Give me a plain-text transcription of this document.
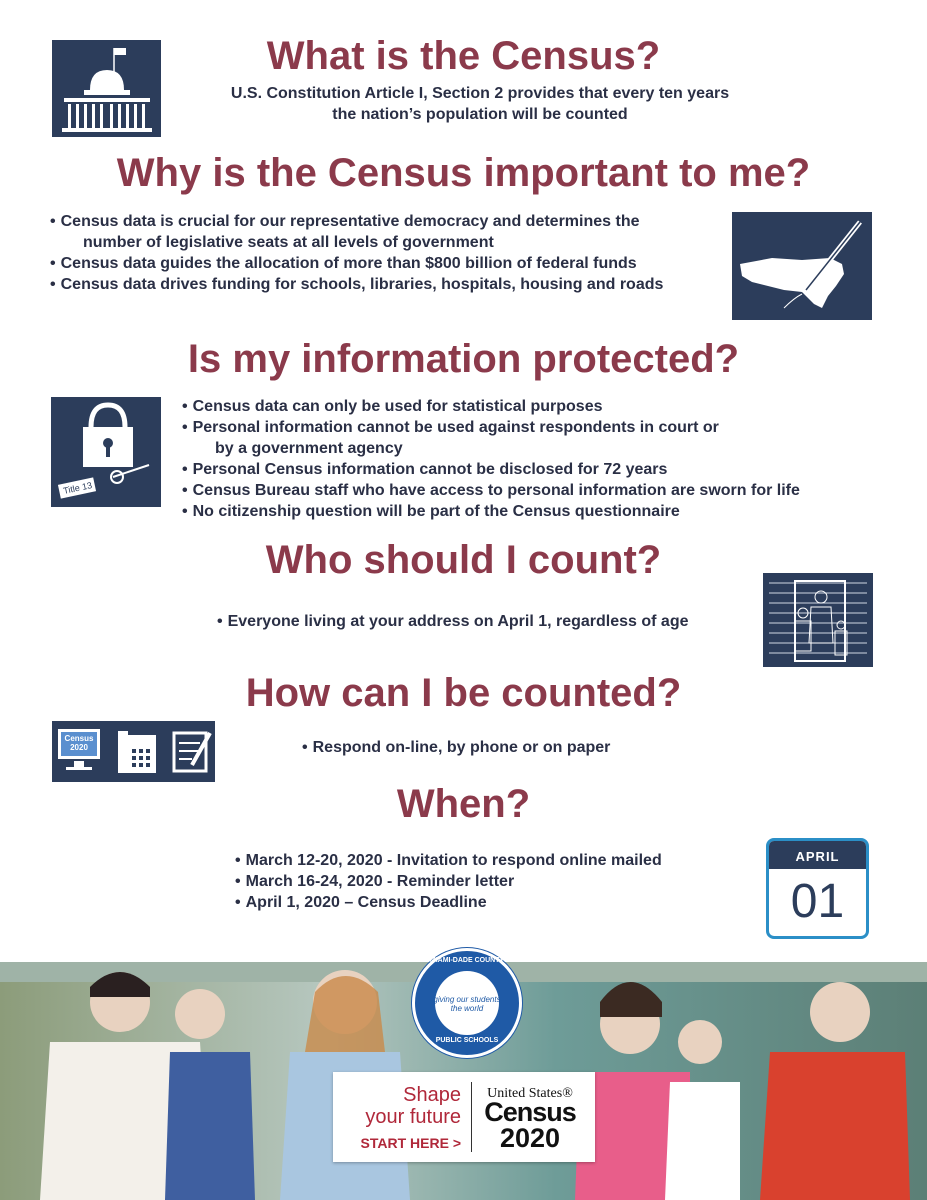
What is the Census?
U.S. Constitution Article I, Section 2 provides that every ten years
the nation’s population will be counted
Why is the Census important to me?
• Census data is crucial for our representative democracy and determines the
number of legislative seats at all levels of government
• Census data guides the allocation of more than $800 billion of federal funds
• Census data drives funding for schools, libraries, hospitals, housing and roads
Is my information protected?
Title 13
• Census data can only be used for statistical purposes
• Personal information cannot be used against respondents in court or
by a government agency
• Personal Census information cannot be disclosed for 72 years
• Census Bureau staff who have access to personal information are sworn for life
• No citizenship question will be part of the Census questionnaire
Who should I count?
• Everyone living at your address on April 1, regardless of age
How can I be counted?
Census
2020	• Respond on-line, by phone or on paper
When?
• March 12-20, 2020 - Invitation to respond online mailed
• March 16-24, 2020 - Reminder letter
• April 1, 2020 – Census Deadline
APRIL
01
MIAMI-DADE COUNTY
giving our students
the world
PUBLIC SCHOOLS
Shape
your future
START HERE >
United States®
Census
2020
